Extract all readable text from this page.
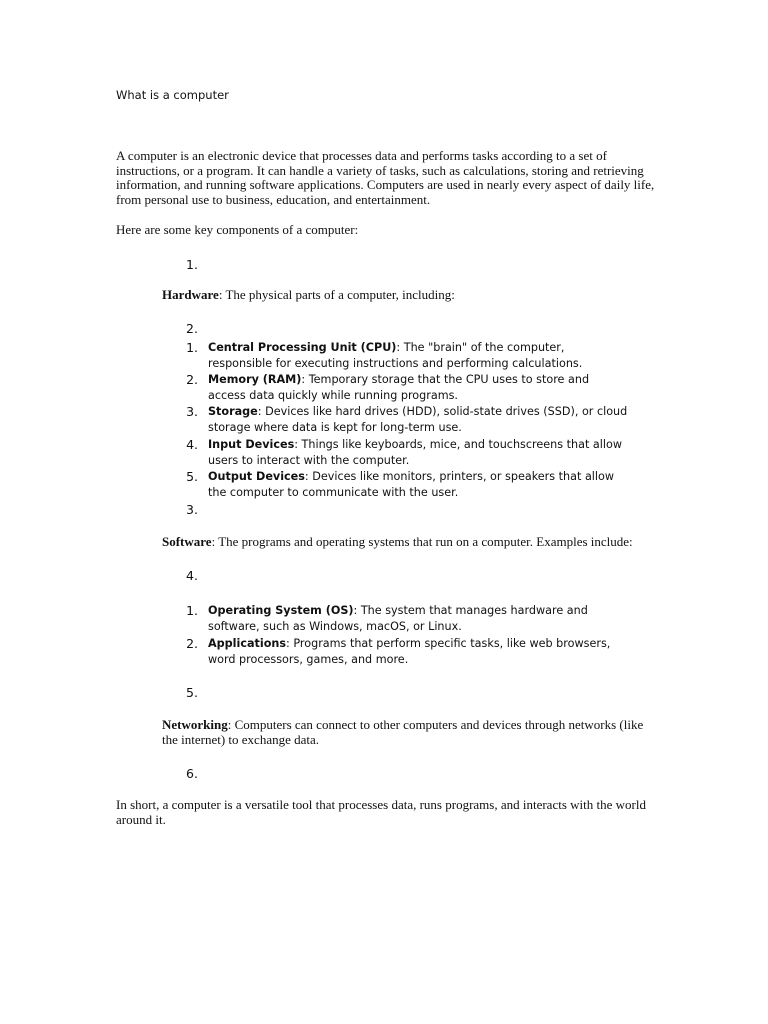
What is a computer
A computer is an electronic device that processes data and performs tasks according to a set of instructions, or a program. It can handle a variety of tasks, such as calculations, storing and retrieving information, and running software applications. Computers are used in nearly every aspect of daily life, from personal use to business, education, and entertainment.
Here are some key components of a computer:
1.
Hardware: The physical parts of a computer, including:
2.
1. Central Processing Unit (CPU): The "brain" of the computer, responsible for executing instructions and performing calculations.
2. Memory (RAM): Temporary storage that the CPU uses to store and access data quickly while running programs.
3. Storage: Devices like hard drives (HDD), solid-state drives (SSD), or cloud storage where data is kept for long-term use.
4. Input Devices: Things like keyboards, mice, and touchscreens that allow users to interact with the computer.
5. Output Devices: Devices like monitors, printers, or speakers that allow the computer to communicate with the user.
3.
Software: The programs and operating systems that run on a computer. Examples include:
4.
1. Operating System (OS): The system that manages hardware and software, such as Windows, macOS, or Linux.
2. Applications: Programs that perform specific tasks, like web browsers, word processors, games, and more.
5.
Networking: Computers can connect to other computers and devices through networks (like the internet) to exchange data.
6.
In short, a computer is a versatile tool that processes data, runs programs, and interacts with the world around it.
